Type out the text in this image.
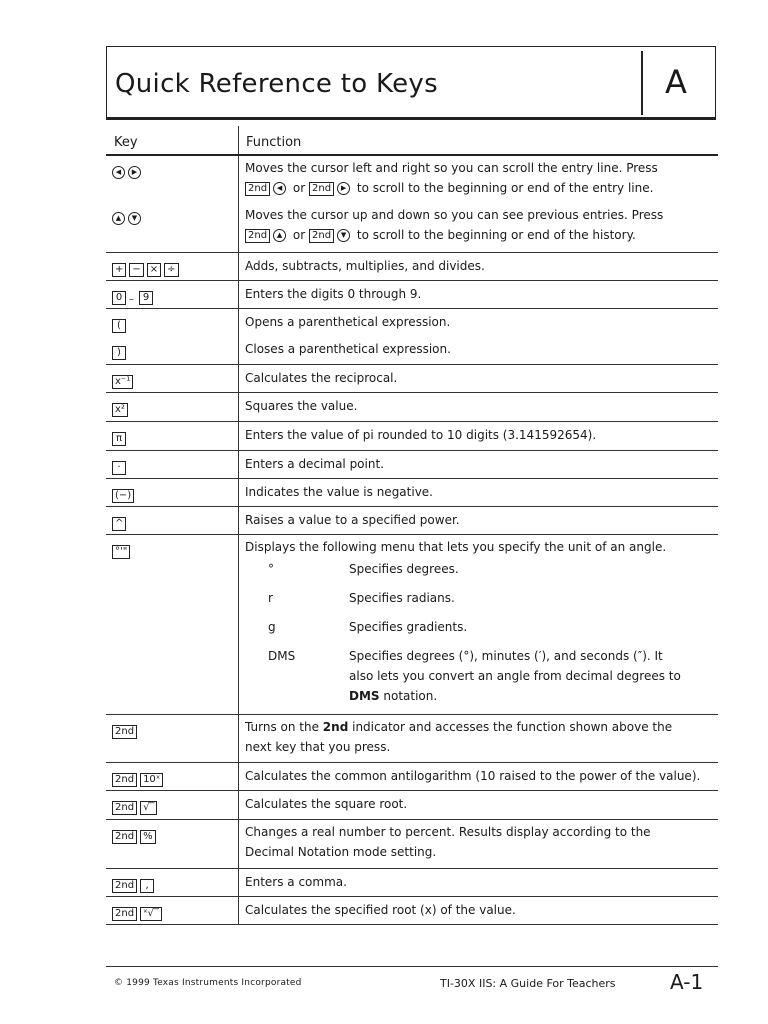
Quick Reference to Keys	A
Key	Function
◀ ▶	Moves the cursor left and right so you can scroll the entry line. Press
2nd ◀ or 2nd ▶ to scroll to the beginning or end of the entry line.
▲ ▼	Moves the cursor up and down so you can see previous entries. Press
2nd ▲ or 2nd ▼ to scroll to the beginning or end of the history.
+ − × ÷	Adds, subtracts, multiplies, and divides.
0 – 9	Enters the digits 0 through 9.
(	Opens a parenthetical expression.
)	Closes a parenthetical expression.
x⁻¹	Calculates the reciprocal.
x²	Squares the value.
π	Enters the value of pi rounded to 10 digits (3.141592654).
·	Enters a decimal point.
(−)	Indicates the value is negative.
^	Raises a value to a specified power.
°'"	Displays the following menu that lets you specify the unit of an angle.
°	Specifies degrees.
r	Specifies radians.
g	Specifies gradients.
DMS	Specifies degrees (°), minutes (′), and seconds (″). It
also lets you convert an angle from decimal degrees to
DMS notation.
2nd	Turns on the 2nd indicator and accesses the function shown above the
next key that you press.
2nd 10ˣ	Calculates the common antilogarithm (10 raised to the power of the value).
2nd √‾	Calculates the square root.
2nd %	Changes a real number to percent. Results display according to the
Decimal Notation mode setting.
2nd ,	Enters a comma.
2nd ˣ√‾	Calculates the specified root (x) of the value.
© 1999 Texas Instruments Incorporated	TI-30X IIS: A Guide For Teachers	A-1
